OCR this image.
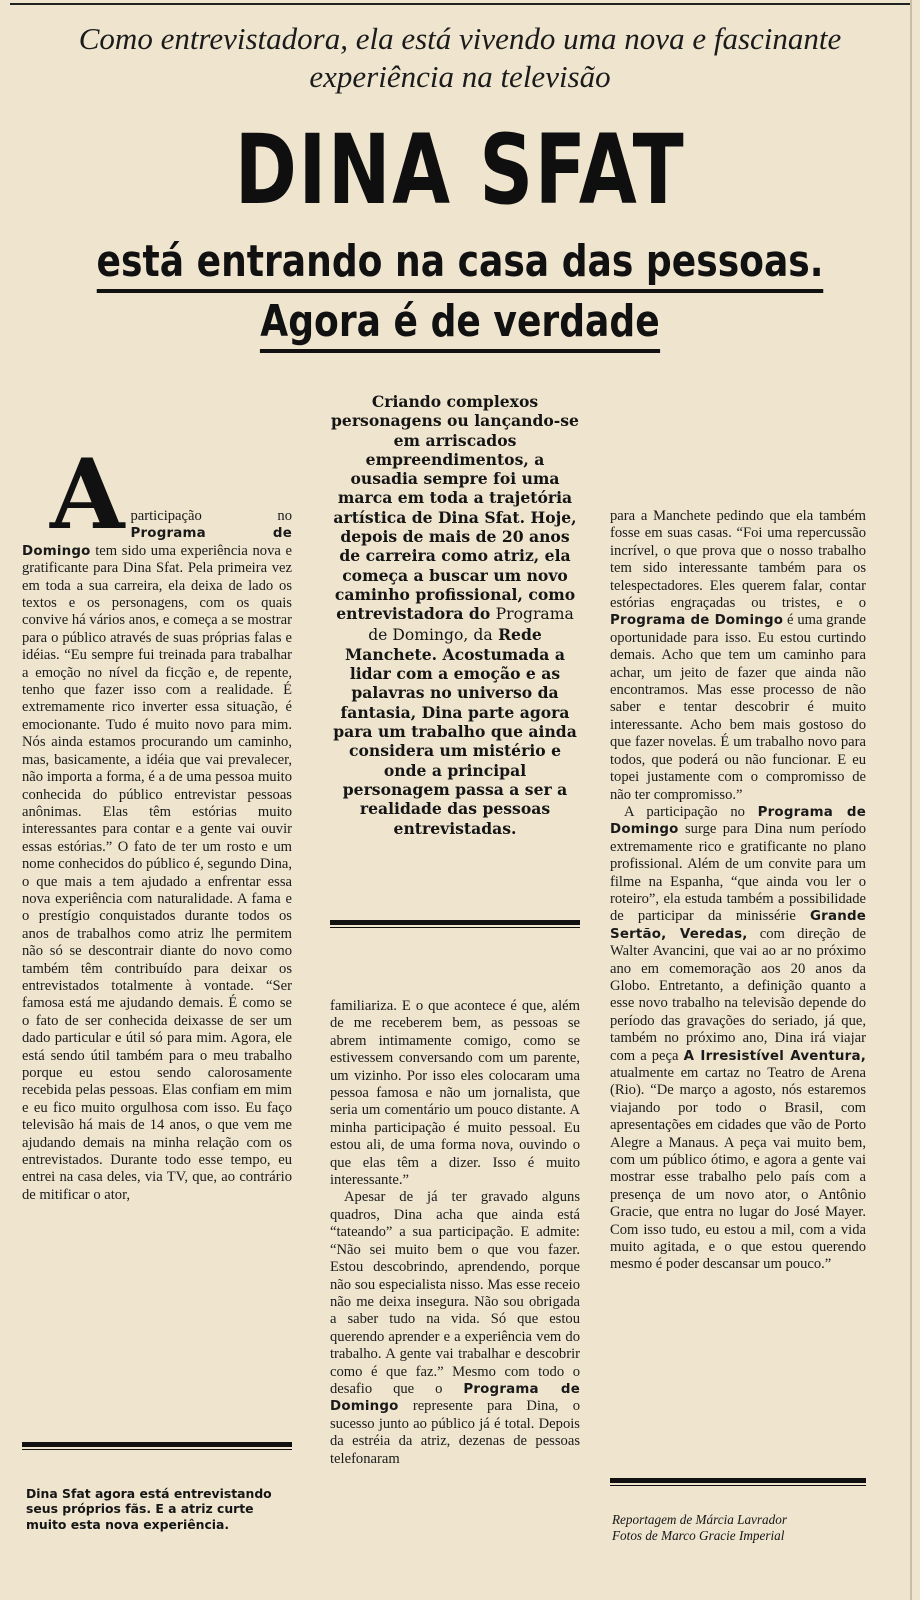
Como entrevistadora, ela está vivendo uma nova e fascinante experiência na televisão
DINA SFAT
está entrando na casa das pessoas.
Agora é de verdade
Criando complexos personagens ou lançando-se em arriscados empreendimentos, a ousadia sempre foi uma marca em toda a trajetória artística de Dina Sfat. Hoje, depois de mais de 20 anos de carreira como atriz, ela começa a buscar um novo caminho profissional, como entrevistadora do Programa de Domingo, da Rede Manchete. Acostumada a lidar com a emoção e as palavras no universo da fantasia, Dina parte agora para um trabalho que ainda considera um mistério e onde a principal personagem passa a ser a realidade das pessoas entrevistadas.

A participação no Programa de Domingo tem sido uma experiência nova e gratificante para Dina Sfat. Pela primeira vez em toda a sua carreira, ela deixa de lado os textos e os personagens, com os quais convive há vários anos, e começa a se mostrar para o público através de suas próprias falas e idéias. “Eu sempre fui treinada para trabalhar a emoção no nível da ficção e, de repente, tenho que fazer isso com a realidade. É extremamente rico inverter essa situação, é emocionante. Tudo é muito novo para mim. Nós ainda estamos procurando um caminho, mas, basicamente, a idéia que vai prevalecer, não importa a forma, é a de uma pessoa muito conhecida do público entrevistar pessoas anônimas. Elas têm estórias muito interessantes para contar e a gente vai ouvir essas estórias.” O fato de ter um rosto e um nome conhecidos do público é, segundo Dina, o que mais a tem ajudado a enfrentar essa nova experiência com naturalidade. A fama e o prestígio conquistados durante todos os anos de trabalhos como atriz lhe permitem não só se descontrair diante do novo como também têm contribuído para deixar os entrevistados totalmente à vontade. “Ser famosa está me ajudando demais. É como se o fato de ser conhecida deixasse de ser um dado particular e útil só para mim. Agora, ele está sendo útil também para o meu trabalho porque eu estou sendo calorosamente recebida pelas pessoas. Elas confiam em mim e eu fico muito orgulhosa com isso. Eu faço televisão há mais de 14 anos, o que vem me ajudando demais na minha relação com os entrevistados. Durante todo esse tempo, eu entrei na casa deles, via TV, que, ao contrário de mitificar o ator,

familiariza. E o que acontece é que, além de me receberem bem, as pessoas se abrem intimamente comigo, como se estivessem conversando com um parente, um vizinho. Por isso eles colocaram uma pessoa famosa e não um jornalista, que seria um comentário um pouco distante. A minha participação é muito pessoal. Eu estou ali, de uma forma nova, ouvindo o que elas têm a dizer. Isso é muito interessante.”

Apesar de já ter gravado alguns quadros, Dina acha que ainda está “tateando” a sua participação. E admite: “Não sei muito bem o que vou fazer. Estou descobrindo, aprendendo, porque não sou especialista nisso. Mas esse receio não me deixa insegura. Não sou obrigada a saber tudo na vida. Só que estou querendo aprender e a experiência vem do trabalho. A gente vai trabalhar e descobrir como é que faz.” Mesmo com todo o desafio que o Programa de Domingo represente para Dina, o sucesso junto ao público já é total. Depois da estréia da atriz, dezenas de pessoas telefonaram

para a Manchete pedindo que ela também fosse em suas casas. “Foi uma repercussão incrível, o que prova que o nosso trabalho tem sido interessante também para os telespectadores. Eles querem falar, contar estórias engraçadas ou tristes, e o Programa de Domingo é uma grande oportunidade para isso. Eu estou curtindo demais. Acho que tem um caminho para achar, um jeito de fazer que ainda não encontramos. Mas esse processo de não saber e tentar descobrir é muito interessante. Acho bem mais gostoso do que fazer novelas. É um trabalho novo para todos, que poderá ou não funcionar. E eu topei justamente com o compromisso de não ter compromisso.”

A participação no Programa de Domingo surge para Dina num período extremamente rico e gratificante no plano profissional. Além de um convite para um filme na Espanha, “que ainda vou ler o roteiro”, ela estuda também a possibilidade de participar da minissérie Grande Sertão, Veredas, com direção de Walter Avancini, que vai ao ar no próximo ano em comemoração aos 20 anos da Globo. Entretanto, a definição quanto a esse novo trabalho na televisão depende do período das gravações do seriado, já que, também no próximo ano, Dina irá viajar com a peça A Irresistível Aventura, atualmente em cartaz no Teatro de Arena (Rio). “De março a agosto, nós estaremos viajando por todo o Brasil, com apresentações em cidades que vão de Porto Alegre a Manaus. A peça vai muito bem, com um público ótimo, e agora a gente vai mostrar esse trabalho pelo país com a presença de um novo ator, o Antônio Gracie, que entra no lugar do José Mayer. Com isso tudo, eu estou a mil, com a vida muito agitada, e o que estou querendo mesmo é poder descansar um pouco.”

Dina Sfat agora está entrevistando seus próprios fãs. E a atriz curte muito esta nova experiência.	Reportagem de Márcia Lavrador
Fotos de Marco Gracie Imperial
